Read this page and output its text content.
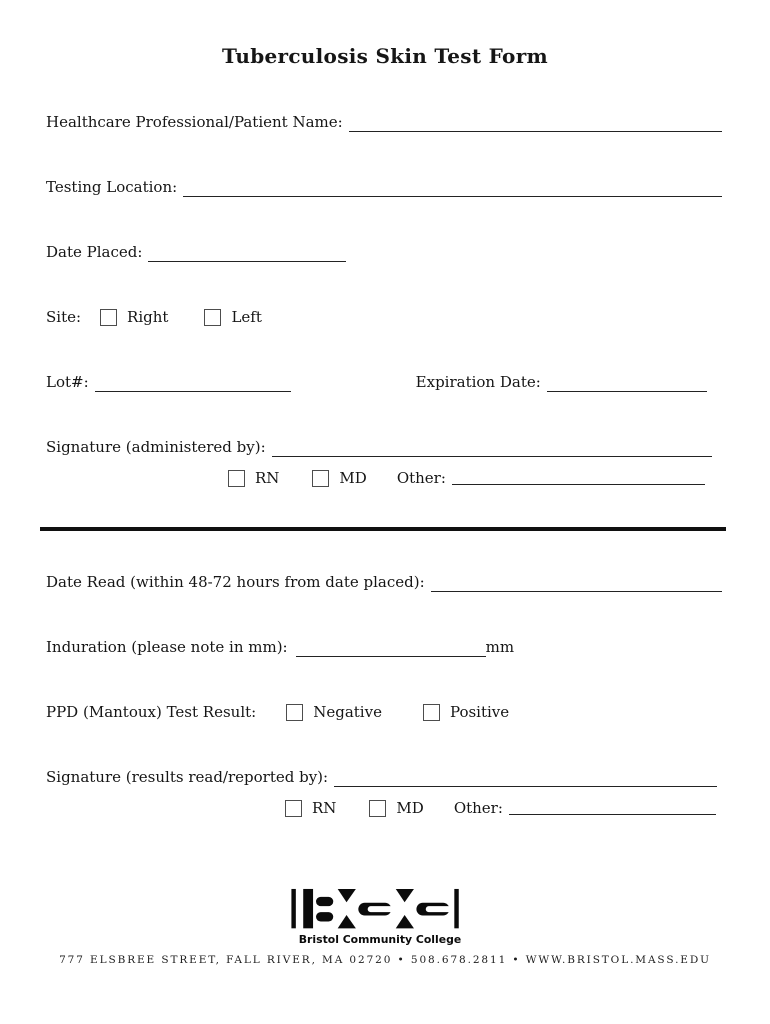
Tuberculosis Skin Test Form
Healthcare Professional/Patient Name:
Testing Location:
Date Placed:
Site:	Right	Left
Lot#:	Expiration Date:
Signature (administered by):
RN	MD Other:
Date Read (within 48-72 hours from date placed):
Induration (please note in mm):	mm
PPD (Mantoux) Test Result:	Negative	Positive
Signature (results read/reported by):
RN	MD Other:
Bristol Community College
777 ELSBREE STREET, FALL RIVER, MA 02720 • 508.678.2811 • WWW.BRISTOL.MASS.EDU
